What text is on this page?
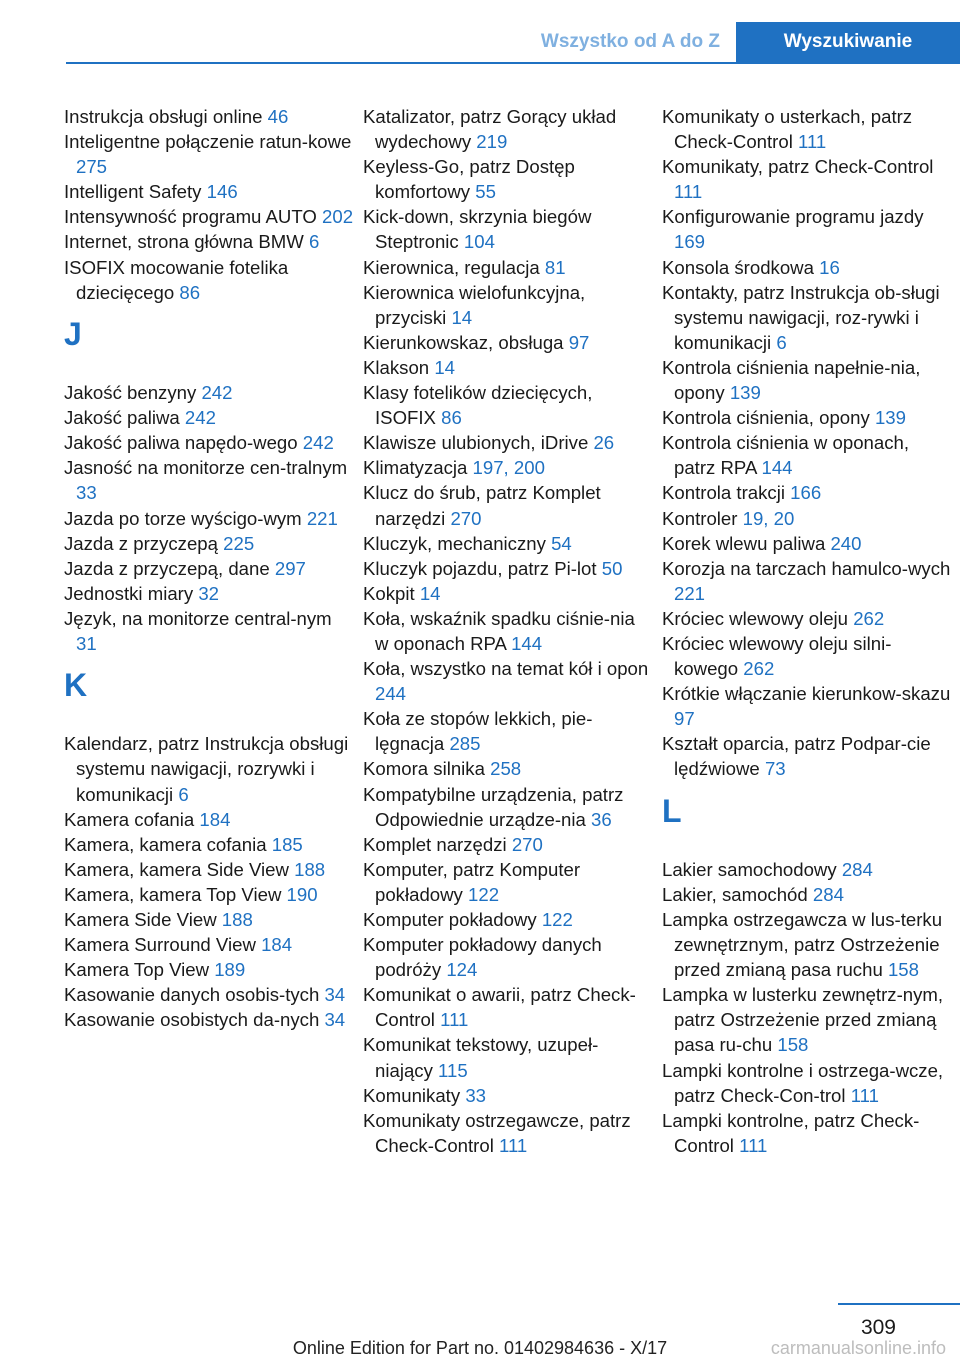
Wszystko od A do Z	Wyszukiwanie
Instrukcja obsługi online 46
Inteligentne połączenie ratun‐kowe 275
Intelligent Safety 146
Intensywność programu AUTO 202
Internet, strona główna BMW 6
ISOFIX mocowanie fotelika dziecięcego 86
J
Jakość benzyny 242
Jakość paliwa 242
Jakość paliwa napędo‐wego 242
Jasność na monitorze cen‐tralnym 33
Jazda po torze wyścigo‐wym 221
Jazda z przyczepą 225
Jazda z przyczepą, dane 297
Jednostki miary 32
Język, na monitorze central‐nym 31
K
Kalendarz, patrz Instrukcja obsługi systemu nawigacji, rozrywki i komunikacji 6
Kamera cofania 184
Kamera, kamera cofania 185
Kamera, kamera Side View 188
Kamera, kamera Top View 190
Kamera Side View 188
Kamera Surround View 184
Kamera Top View 189
Kasowanie danych osobis‐tych 34
Kasowanie osobistych da‐nych 34
Katalizator, patrz Gorący układ wydechowy 219
Keyless-Go, patrz Dostęp komfortowy 55
Kick-down, skrzynia biegów Steptronic 104
Kierownica, regulacja 81
Kierownica wielofunkcyjna, przyciski 14
Kierunkowskaz, obsługa 97
Klakson 14
Klasy fotelików dziecięcych, ISOFIX 86
Klawisze ulubionych, iDrive 26
Klimatyzacja 197, 200
Klucz do śrub, patrz Komplet narzędzi 270
Kluczyk, mechaniczny 54
Kluczyk pojazdu, patrz Pi‐lot 50
Kokpit 14
Koła, wskaźnik spadku ciśnie‐nia w oponach RPA 144
Koła, wszystko na temat kół i opon 244
Koła ze stopów lekkich, pie‐lęgnacja 285
Komora silnika 258
Kompatybilne urządzenia, patrz Odpowiednie urządze‐nia 36
Komplet narzędzi 270
Komputer, patrz Komputer pokładowy 122
Komputer pokładowy 122
Komputer pokładowy danych podróży 124
Komunikat o awarii, patrz Check-Control 111
Komunikat tekstowy, uzupeł‐niający 115
Komunikaty 33
Komunikaty ostrzegawcze, patrz Check-Control 111
Komunikaty o usterkach, patrz Check-Control 111
Komunikaty, patrz Check-Control 111
Konfigurowanie programu jazdy 169
Konsola środkowa 16
Kontakty, patrz Instrukcja ob‐sługi systemu nawigacji, roz‐rywki i komunikacji 6
Kontrola ciśnienia napełnie‐nia, opony 139
Kontrola ciśnienia, opony 139
Kontrola ciśnienia w oponach, patrz RPA 144
Kontrola trakcji 166
Kontroler 19, 20
Korek wlewu paliwa 240
Korozja na tarczach hamulco‐wych 221
Króciec wlewowy oleju 262
Króciec wlewowy oleju silni‐kowego 262
Krótkie włączanie kierunkow‐skazu 97
Kształt oparcia, patrz Podpar‐cie lędźwiowe 73
L
Lakier samochodowy 284
Lakier, samochód 284
Lampka ostrzegawcza w lus‐terku zewnętrznym, patrz Ostrzeżenie przed zmianą pasa ruchu 158
Lampka w lusterku zewnętrz‐nym, patrz Ostrzeżenie przed zmianą pasa ru‐chu 158
Lampki kontrolne i ostrzega‐wcze, patrz Check-Con‐trol 111
Lampki kontrolne, patrz Check-Control 111
309
Online Edition for Part no. 01402984636 - X/17	carmanualsonline.info
